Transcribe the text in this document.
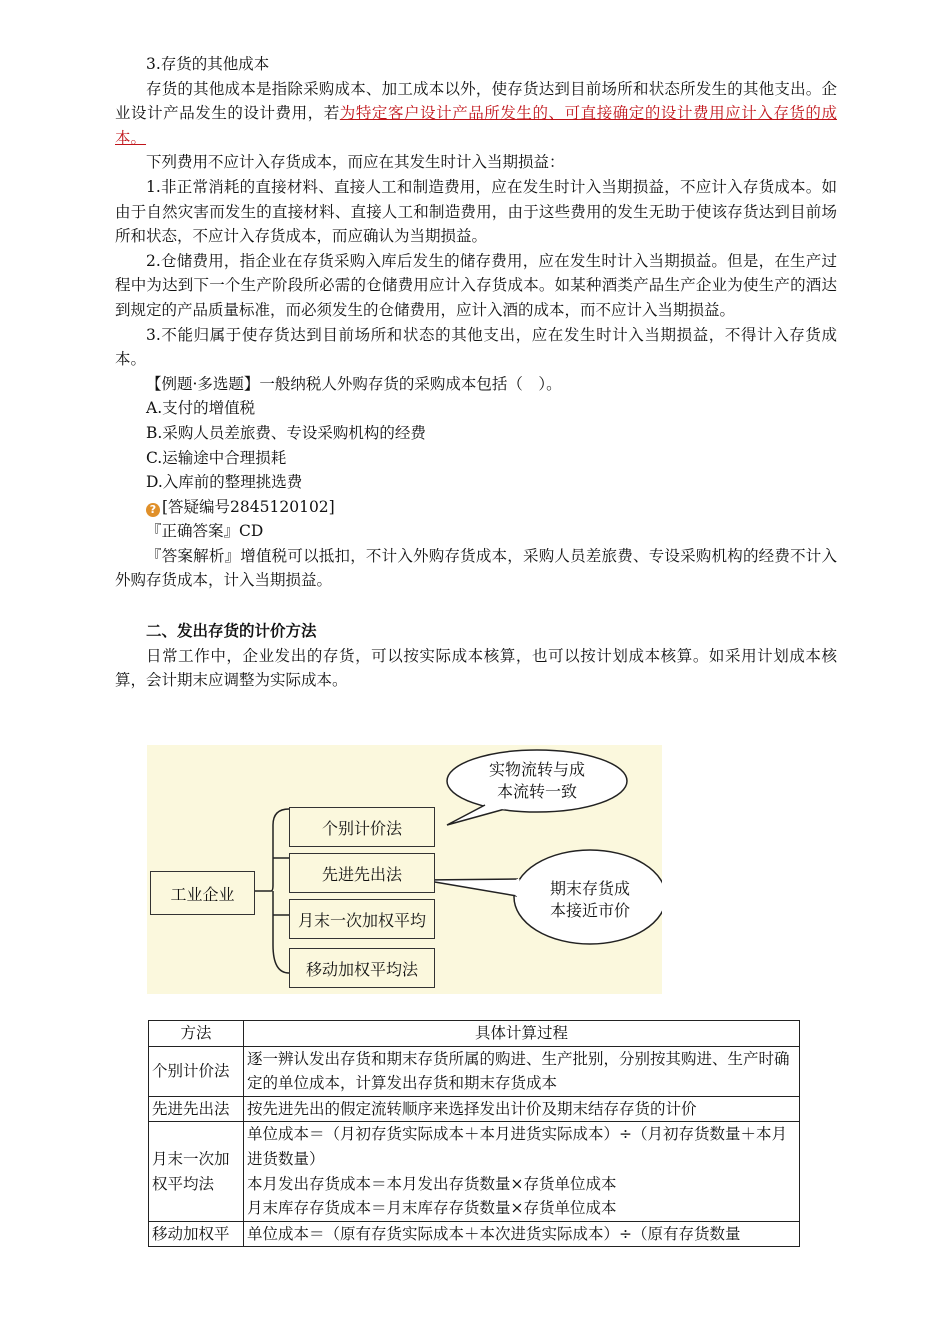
3.存货的其他成本

存货的其他成本是指除采购成本、加工成本以外，使存货达到目前场所和状态所发生的其他支出。企业设计产品发生的设计费用，若为特定客户设计产品所发生的、可直接确定的设计费用应计入存货的成本。

下列费用不应计入存货成本，而应在其发生时计入当期损益：

1.非正常消耗的直接材料、直接人工和制造费用，应在发生时计入当期损益，不应计入存货成本。如由于自然灾害而发生的直接材料、直接人工和制造费用，由于这些费用的发生无助于使该存货达到目前场所和状态，不应计入存货成本，而应确认为当期损益。

2.仓储费用，指企业在存货采购入库后发生的储存费用，应在发生时计入当期损益。但是，在生产过程中为达到下一个生产阶段所必需的仓储费用应计入存货成本。如某种酒类产品生产企业为使生产的酒达到规定的产品质量标准，而必须发生的仓储费用，应计入酒的成本，而不应计入当期损益。

3.不能归属于使存货达到目前场所和状态的其他支出，应在发生时计入当期损益，不得计入存货成本。

【例题·多选题】一般纳税人外购存货的采购成本包括（　）。

A.支付的增值税

B.采购人员差旅费、专设采购机构的经费

C.运输途中合理损耗

D.入库前的整理挑选费

? [答疑编号2845120102]

『正确答案』CD

『答案解析』增值税可以抵扣，不计入外购存货成本，采购人员差旅费、专设采购机构的经费不计入外购存货成本，计入当期损益。

二、发出存货的计价方法

日常工作中，企业发出的存货，可以按实际成本核算，也可以按计划成本核算。如采用计划成本核算，会计期末应调整为实际成本。

工业企业
个别计价法
先进先出法
月末一次加权平均
移动加权平均法
实物流转与成
本流转一致
期末存货成
本接近市价
方法	具体计算过程
个别计价法	逐一辨认发出存货和期末存货所属的购进、生产批别，分别按其购进、生产时确定的单位成本，计算发出存货和期末存货成本
先进先出法	按先进先出的假定流转顺序来选择发出计价及期末结存存货的计价
月末一次加权平均法	单位成本＝（月初存货实际成本＋本月进货实际成本）÷（月初存货数量＋本月进货数量）
本月发出存货成本＝本月发出存货数量×存货单位成本
月末库存存货成本＝月末库存存货数量×存货单位成本

移动加权平	单位成本＝（原有存货实际成本＋本次进货实际成本）÷（原有存货数量
